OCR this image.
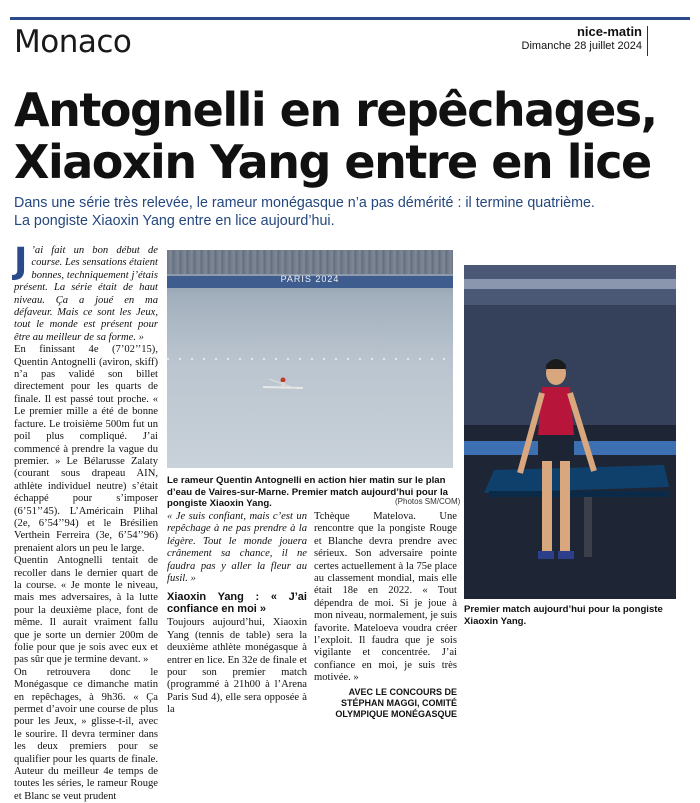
Monaco	nice-matin
Dimanche 28 juillet 2024
Antognelli en repêchages,
Xiaoxin Yang entre en lice
Dans une série très relevée, le rameur monégasque n’a pas démérité : il termine quatrième.
La pongiste Xiaoxin Yang entre en lice aujourd’hui.
J ’ai fait un bon début de course. Les sensations étaient bonnes, techniquement j’étais présent. La série était de haut niveau. Ça a joué en ma défaveur. Mais ce sont les Jeux, tout le monde est présent pour être au meilleur de sa forme. »

En finissant 4e (7’02’’15), Quentin Antognelli (aviron, skiff) n’a pas validé son billet directement pour les quarts de finale. Il est passé tout proche. « Le premier mille a été de bonne facture. Le troisième 500m fut un poil plus compliqué. J’ai commencé à prendre la vague du premier. » Le Bélarusse Zalaty (courant sous drapeau AIN, athlète individuel neutre) s’était échappé pour s’imposer (6’51’’45). L’Américain Plihal (2e, 6’54’’94) et le Brésilien Verthein Ferreira (3e, 6’54’’96) prenaient alors un peu le large.

Quentin Antognelli tentait de recoller dans le dernier quart de la course. « Je monte le niveau, mais mes adversaires, à la lutte pour la deuxième place, font de même. Il aurait vraiment fallu que je sorte un dernier 200m de folie pour que je sois avec eux et pas sûr que je termine devant. »

On retrouvera donc le Monégasque ce dimanche matin en repêchages, à 9h36. « Ça permet d’avoir une course de plus pour les Jeux, » glisse-t-il, avec le sourire. Il devra terminer dans les deux premiers pour se qualifier pour les quarts de finale. Auteur du meilleur 4e temps de toutes les séries, le rameur Rouge et Blanc se veut prudent

PARIS 2024
Le rameur Quentin Antognelli en action hier matin sur le plan d’eau de Vaires-sur-Marne. Premier match aujourd’hui pour la pongiste Xiaoxin Yang.	(Photos SM/COM)

« Je suis confiant, mais c’est un repêchage à ne pas prendre à la légère. Tout le monde jouera crânement sa chance, il ne faudra pas y aller la fleur au fusil. »

Xiaoxin Yang : « J’ai confiance en moi »

Toujours aujourd’hui, Xiaoxin Yang (tennis de table) sera la deuxième athlète monégasque à entrer en lice. En 32e de finale et pour son premier match (programmé à 21h00 à l’Arena Paris Sud 4), elle sera opposée à la

Tchèque Matelova. Une rencontre que la pongiste Rouge et Blanche devra prendre avec sérieux. Son adversaire pointe certes actuellement à la 75e place au classement mondial, mais elle était 18e en 2022. « Tout dépendra de moi. Si je joue à mon niveau, normalement, je suis favorite. Mateloeva voudra créer l’exploit. Il faudra que je sois vigilante et concentrée. J’ai confiance en moi, je suis très motivée. »

AVEC LE CONCOURS DE STÉPHAN MAGGI, COMITÉ OLYMPIQUE MONÉGASQUE

Premier match aujourd’hui pour la pongiste Xiaoxin Yang.
